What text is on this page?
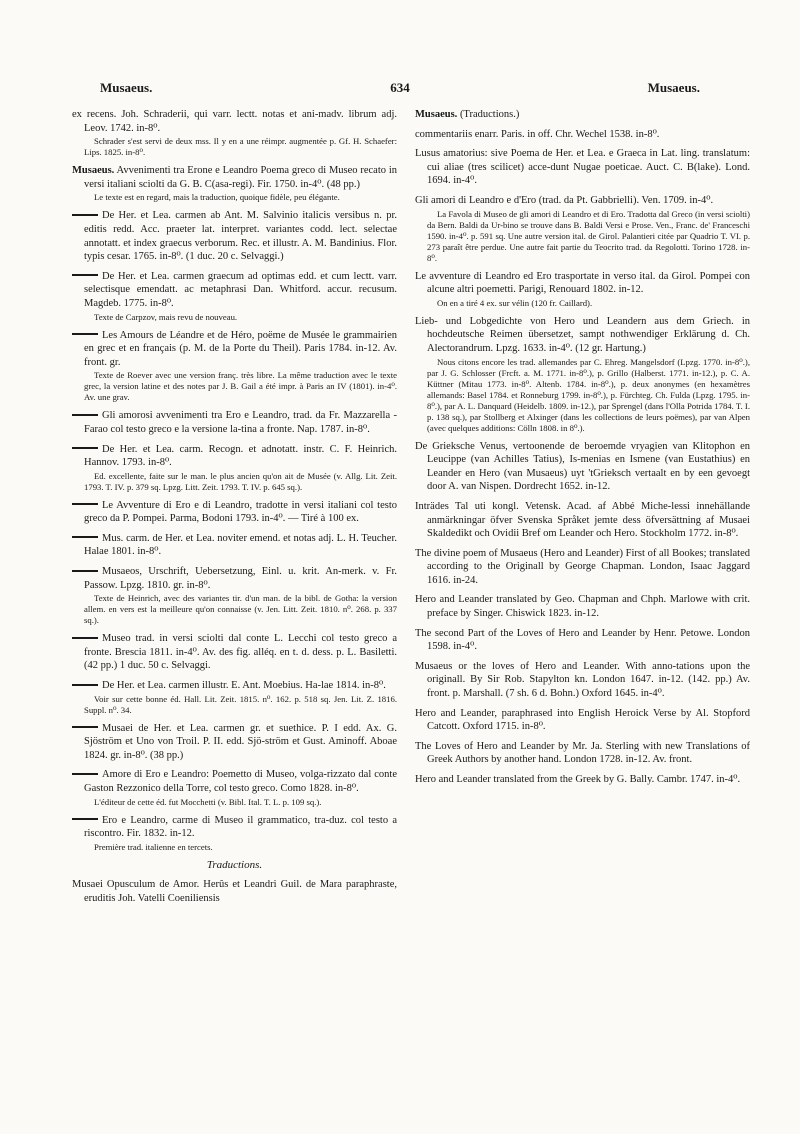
Musaeus.	634	Musaeus.
ex recens. Joh. Schraderii, qui varr. lectt. notas et ani-madv. librum adj. Leov. 1742. in-8⁰.
Schrader s'est servi de deux mss. Il y en a une réimpr. augmentée p. Gf. H. Schaefer: Lips. 1825. in-8⁰.
Musaeus. Avvenimenti tra Erone e Leandro Poema greco di Museo recato in versi italiani sciolti da G. B. C(asa-regi). Fir. 1750. in-4⁰. (48 pp.)
Le texte est en regard, mais la traduction, quoique fidèle, peu élégante.
De Her. et Lea. carmen ab Ant. M. Salvinio italicis versibus n. pr. editis redd. Acc. praeter lat. interpret. variantes codd. lect. selectae annotatt. et index graecus verborum. Rec. et illustr. A. M. Bandinius. Flor. typis cesar. 1765. in-8⁰. (1 duc. 20 c. Selvaggi.)
De Her. et Lea. carmen graecum ad optimas edd. et cum lectt. varr. selectisque emendatt. ac metaphrasi Dan. Whitford. accur. recusum. Magdeb. 1775. in-8⁰.
Texte de Carpzov, mais revu de nouveau.
Les Amours de Léandre et de Héro, poëme de Musée le grammairien en grec et en français (p. M. de la Porte du Theil). Paris 1784. in-12. Av. front. gr.
Texte de Roever avec une version franç. très libre. La même traduction avec le texte grec, la version latine et des notes par J. B. Gail a été impr. à Paris an IV (1801). in-4⁰. Av. une grav.
Gli amorosi avvenimenti tra Ero e Leandro, trad. da Fr. Mazzarella - Farao col testo greco e la versione la-tina a fronte. Nap. 1787. in-8⁰.
De Her. et Lea. carm. Recogn. et adnotatt. instr. C. F. Heinrich. Hannov. 1793. in-8⁰.
Ed. excellente, faite sur le man. le plus ancien qu'on ait de Musée (v. Allg. Lit. Zeit. 1793. T. IV. p. 379 sq. Lpzg. Litt. Zeit. 1793. T. IV. p. 645 sq.).
Le Avventure di Ero e di Leandro, tradotte in versi italiani col testo greco da P. Pompei. Parma, Bodoni 1793. in-4⁰. — Tiré à 100 ex.
Mus. carm. de Her. et Lea. noviter emend. et notas adj. L. H. Teucher. Halae 1801. in-8⁰.
Musaeos, Urschrift, Uebersetzung, Einl. u. krit. An-merk. v. Fr. Passow. Lpzg. 1810. gr. in-8⁰.
Texte de Heinrich, avec des variantes tir. d'un man. de la bibl. de Gotha: la version allem. en vers est la meilleure qu'on connaisse (v. Jen. Litt. Zeit. 1810. n⁰. 268. p. 337 sq.).
Museo trad. in versi sciolti dal conte L. Lecchi col testo greco a fronte. Brescia 1811. in-4⁰. Av. des fig. alléq. en t. d. dess. p. L. Basiletti. (42 pp.) 1 duc. 50 c. Selvaggi.
De Her. et Lea. carmen illustr. E. Ant. Moebius. Ha-lae 1814. in-8⁰.
Voir sur cette bonne éd. Hall. Lit. Zeit. 1815. n⁰. 162. p. 518 sq. Jen. Lit. Z. 1816. Suppl. n⁰. 34.
Musaei de Her. et Lea. carmen gr. et suethice. P. I edd. Ax. G. Sjöström et Uno von Troil. P. II. edd. Sjö-ström et Gust. Aminoff. Aboae 1824. gr. in-8⁰. (38 pp.)
Amore di Ero e Leandro: Poemetto di Museo, volga-rizzato dal conte Gaston Rezzonico della Torre, col testo greco. Como 1828. in-8⁰.
L'éditeur de cette éd. fut Mocchetti (v. Bibl. Ital. T. L. p. 109 sq.).
Ero e Leandro, carme di Museo il grammatico, tra-duz. col testo a riscontro. Fir. 1832. in-12.
Première trad. italienne en tercets.
Traductions.
Musaei Opusculum de Amor. Herûs et Leandri Guil. de Mara paraphraste, eruditis Joh. Vatelli Coeniliensis
Musaeus. (Traductions.)
commentariis enarr. Paris. in off. Chr. Wechel 1538. in-8⁰.
Lusus amatorius: sive Poema de Her. et Lea. e Graeca in Lat. ling. translatum: cui aliae (tres scilicet) acce-dunt Nugae poeticae. Auct. C. B(lake). Lond. 1694. in-4⁰.
Gli amori di Leandro e d'Ero (trad. da Pt. Gabbrielli). Ven. 1709. in-4⁰.
La Favola di Museo de gli amori di Leandro et di Ero. Tradotta dal Greco (in versi sciolti) da Bern. Baldi da Ur-bino se trouve dans B. Baldi Versi e Prose. Ven., Franc. de' Franceschi 1590. in-4⁰. p. 591 sq. Une autre version ital. de Girol. Palantieri citée par Quadrio T. VI. p. 273 paraît être perdue. Une autre fait partie du Teocrito trad. da Regolotti. Torino 1728. in-8⁰.
Le avventure di Leandro ed Ero trasportate in verso ital. da Girol. Pompei con alcune altri poemetti. Parigi, Renouard 1802. in-12.
On en a tiré 4 ex. sur vélin (120 fr. Caillard).
Lieb- und Lobgedichte von Hero und Leandern aus dem Griech. in hochdeutsche Reimen übersetzet, sampt nothwendiger Erklärung d. Ch. Alectorandrum. Lpzg. 1633. in-4⁰. (12 gr. Hartung.)
Nous citons encore les trad. allemandes par C. Ehreg. Mangelsdorf (Lpzg. 1770. in-8⁰.), par J. G. Schlosser (Frcft. a. M. 1771. in-8⁰.), p. Grillo (Halberst. 1771. in-12.), p. C. A. Küttner (Mitau 1773. in-8⁰. Altenb. 1784. in-8⁰.), p. deux anonymes (en hexamètres allemands: Basel 1784. et Ronneburg 1799. in-8⁰.), p. Fürchteg. Ch. Fulda (Lpzg. 1795. in-8⁰.), par A. L. Danquard (Heidelb. 1809. in-12.), par Sprengel (dans l'Olla Potrida 1784. T. I. p. 138 sq.), par Stollberg et Alxinger (dans les collections de leurs poëmes), par van Alpen (avec quelques additions: Cölln 1808. in 8⁰.).
De Grieksche Venus, vertoonende de beroemde vryagien van Klitophon en Leucippe (van Achilles Tatius), Is-menias en Ismene (van Eustathius) en Leander en Hero (van Musaeus) uyt 'tGrieksch vertaalt en by een gevoegt door A. van Nispen. Dordrecht 1652. in-12.
Inträdes Tal uti kongl. Vetensk. Acad. af Abbé Miche-lessi innehällande anmärkningar öfver Svenska Språket jemte dess öfversättning af Musaei Skaldedikt och Ovidii Bref om Leander och Hero. Stockholm 1772. in-8⁰.
The divine poem of Musaeus (Hero and Leander) First of all Bookes; translated according to the Originall by George Chapman. London, Isaac Jaggard 1616. in-24.
Hero and Leander translated by Geo. Chapman and Chph. Marlowe with crit. preface by Singer. Chiswick 1823. in-12.
The second Part of the Loves of Hero and Leander by Henr. Petowe. London 1598. in-4⁰.
Musaeus or the loves of Hero and Leander. With anno-tations upon the originall. By Sir Rob. Stapylton kn. London 1647. in-12. (142. pp.) Av. front. p. Marshall. (7 sh. 6 d. Bohn.) Oxford 1645. in-4⁰.
Hero and Leander, paraphrased into English Heroick Verse by Al. Stopford Catcott. Oxford 1715. in-8⁰.
The Loves of Hero and Leander by Mr. Ja. Sterling with new Translations of Greek Authors by another hand. London 1728. in-12. Av. front.
Hero and Leander translated from the Greek by G. Bally. Cambr. 1747. in-4⁰.
